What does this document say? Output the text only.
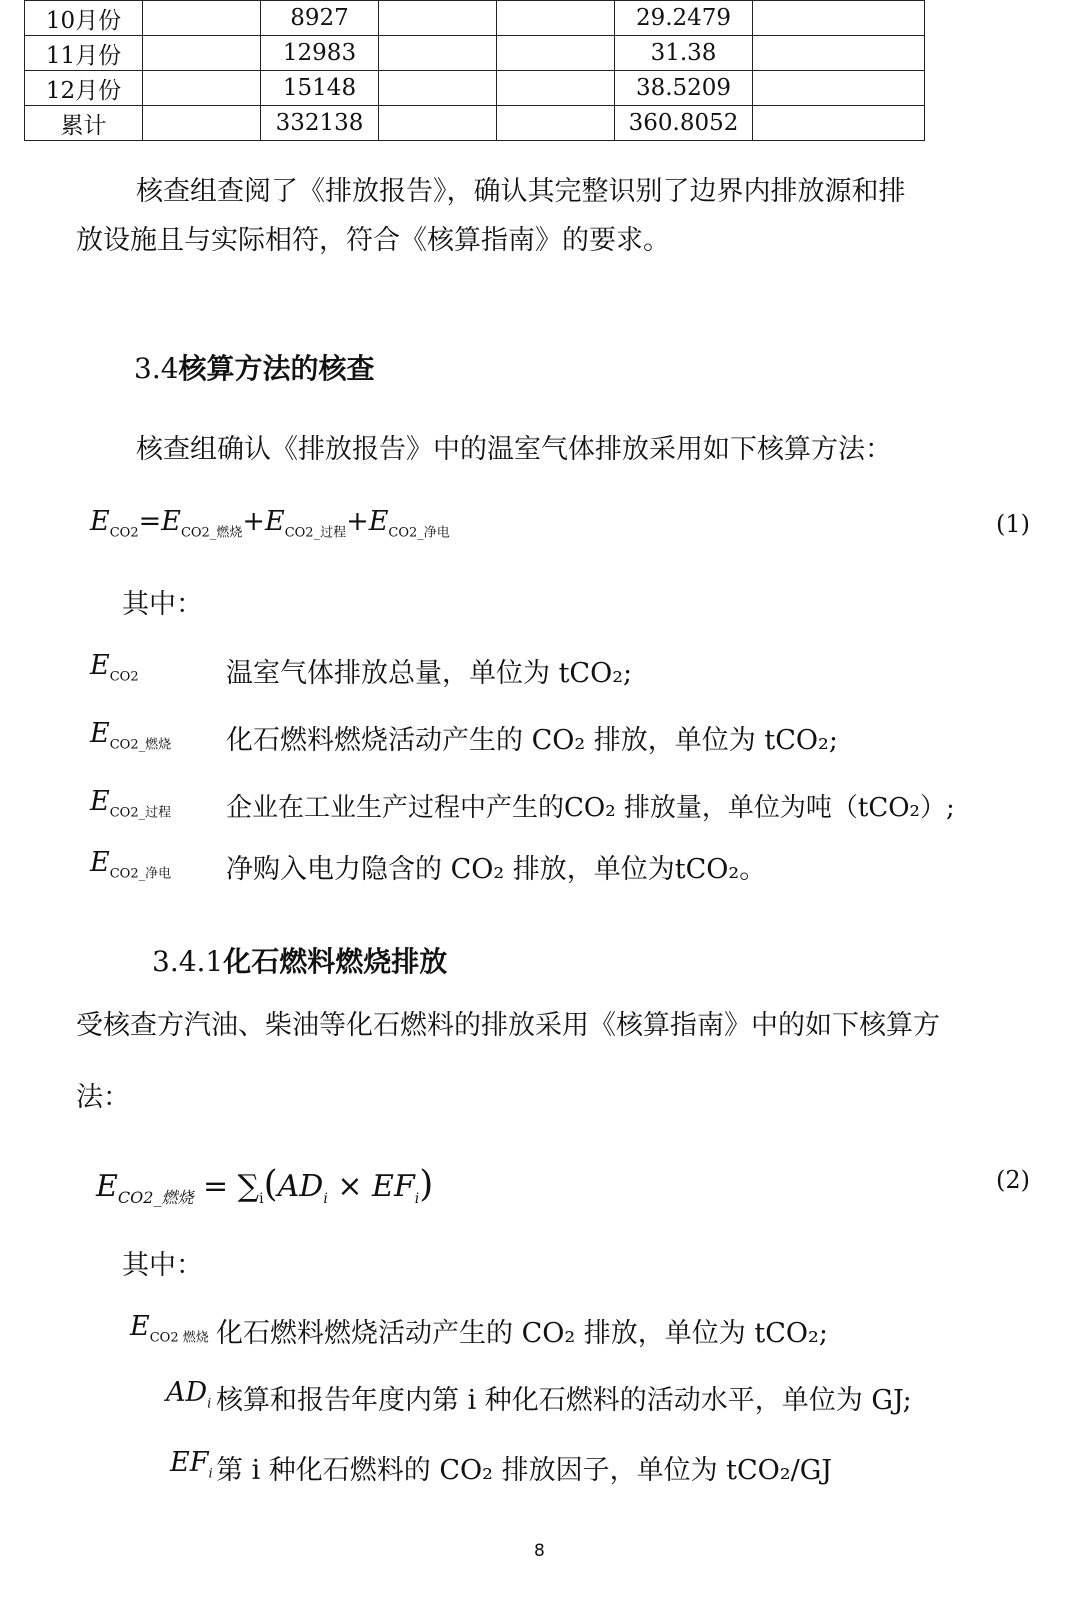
10月份		8927			29.2479	
11月份		12983			31.38	
12月份		15148			38.5209	
累计		332138			360.8052	
核查组查阅了《排放报告》，确认其完整识别了边界内排放源和排
放设施且与实际相符，符合《核算指南》的要求。
3.4核算方法的核查
核查组确认《排放报告》中的温室气体排放采用如下核算方法：
$E_{CO2}=E_{CO2\_燃烧}+E_{CO2\_过程}+E_{CO2\_净电}$	(1)
其中：
$E_{CO2}$	温室气体排放总量，单位为 tCO₂;
$E_{CO2\_燃烧}$ 化石燃料燃烧活动产生的 CO₂ 排放，单位为 tCO₂;
$E_{CO2\_过程}$ 企业在工业生产过程中产生的CO₂ 排放量，单位为吨（tCO₂）;
$E_{CO2\_净电}$ 净购入电力隐含的 CO₂ 排放，单位为tCO₂。
3.4.1化石燃料燃烧排放
受核查方汽油、柴油等化石燃料的排放采用《核算指南》中的如下核算方
法：
$E_{CO2\_燃烧} = \sum_i(AD_i \times EF_i)$	(2)
其中：
$E_{CO2 燃烧}$ 化石燃料燃烧活动产生的 CO₂ 排放，单位为 tCO₂;
$AD_i$ 核算和报告年度内第 i 种化石燃料的活动水平，单位为 GJ;
$EF_i$ 第 i 种化石燃料的 CO₂ 排放因子，单位为 tCO₂/GJ
8
